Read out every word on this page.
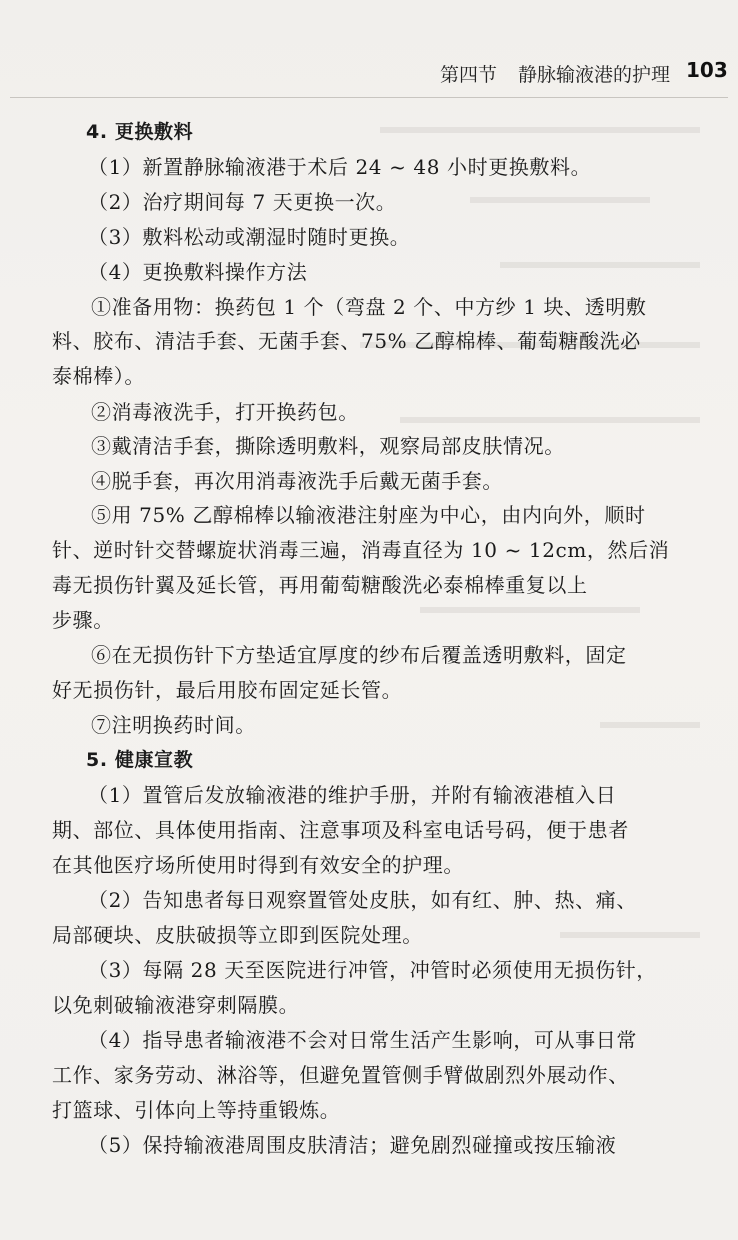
第四节 静脉输液港的护理 103
4. 更换敷料
（1）新置静脉输液港于术后 24 ~ 48 小时更换敷料。
（2）治疗期间每 7 天更换一次。
（3）敷料松动或潮湿时随时更换。
（4）更换敷料操作方法
①准备用物：换药包 1 个（弯盘 2 个、中方纱 1 块、透明敷
料、胶布、清洁手套、无菌手套、75% 乙醇棉棒、葡萄糖酸洗必
泰棉棒）。
②消毒液洗手，打开换药包。
③戴清洁手套，撕除透明敷料，观察局部皮肤情况。
④脱手套，再次用消毒液洗手后戴无菌手套。
⑤用 75% 乙醇棉棒以输液港注射座为中心，由内向外，顺时
针、逆时针交替螺旋状消毒三遍，消毒直径为 10 ~ 12cm，然后消
毒无损伤针翼及延长管，再用葡萄糖酸洗必泰棉棒重复以上
步骤。
⑥在无损伤针下方垫适宜厚度的纱布后覆盖透明敷料，固定
好无损伤针，最后用胶布固定延长管。
⑦注明换药时间。
5. 健康宣教
（1）置管后发放输液港的维护手册，并附有输液港植入日
期、部位、具体使用指南、注意事项及科室电话号码，便于患者
在其他医疗场所使用时得到有效安全的护理。
（2）告知患者每日观察置管处皮肤，如有红、肿、热、痛、
局部硬块、皮肤破损等立即到医院处理。
（3）每隔 28 天至医院进行冲管，冲管时必须使用无损伤针，
以免刺破输液港穿刺隔膜。
（4）指导患者输液港不会对日常生活产生影响，可从事日常
工作、家务劳动、淋浴等，但避免置管侧手臂做剧烈外展动作、
打篮球、引体向上等持重锻炼。
（5）保持输液港周围皮肤清洁；避免剧烈碰撞或按压输液
